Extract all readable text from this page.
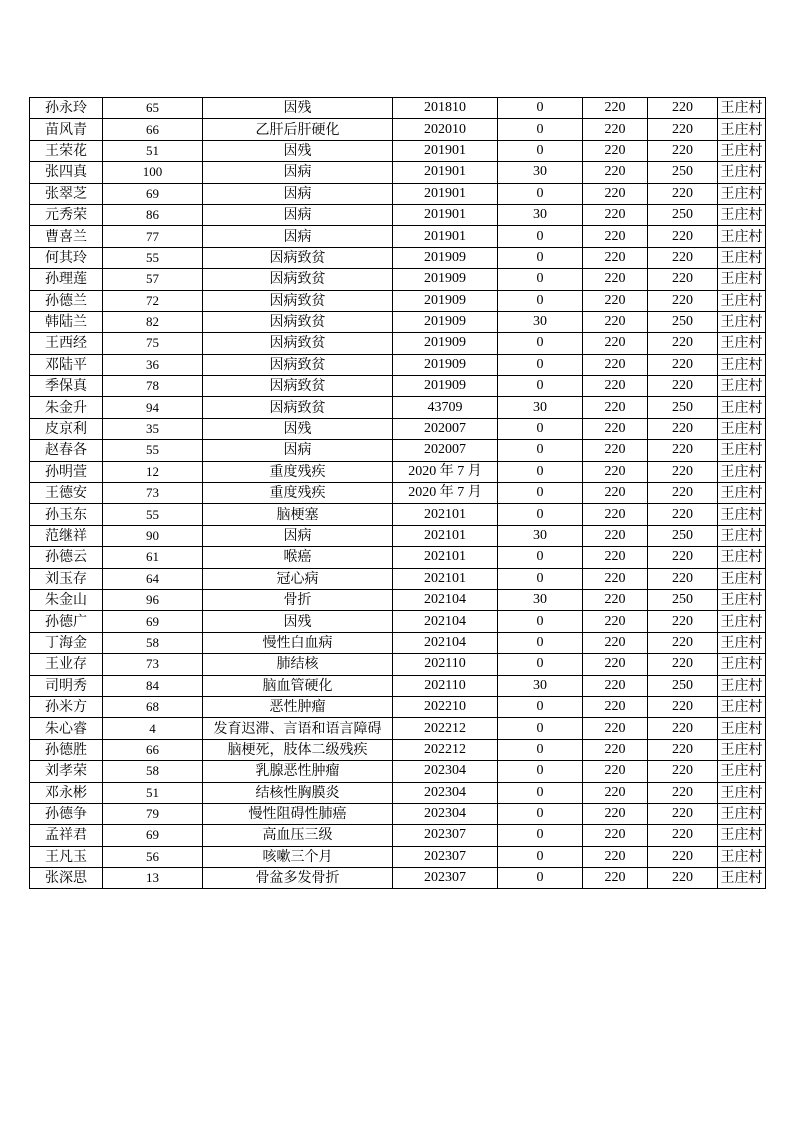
孙永玲	65	因残	201810	0	220	220	王庄村
苗风青	66	乙肝后肝硬化	202010	0	220	220	王庄村
王荣花	51	因残	201901	0	220	220	王庄村
张四真	100	因病	201901	30	220	250	王庄村
张翠芝	69	因病	201901	0	220	220	王庄村
元秀荣	86	因病	201901	30	220	250	王庄村
曹喜兰	77	因病	201901	0	220	220	王庄村
何其玲	55	因病致贫	201909	0	220	220	王庄村
孙理莲	57	因病致贫	201909	0	220	220	王庄村
孙德兰	72	因病致贫	201909	0	220	220	王庄村
韩陆兰	82	因病致贫	201909	30	220	250	王庄村
王西经	75	因病致贫	201909	0	220	220	王庄村
邓陆平	36	因病致贫	201909	0	220	220	王庄村
季保真	78	因病致贫	201909	0	220	220	王庄村
朱金升	94	因病致贫	43709	30	220	250	王庄村
皮京利	35	因残	202007	0	220	220	王庄村
赵春各	55	因病	202007	0	220	220	王庄村
孙明萱	12	重度残疾	2020 年 7 月	0	220	220	王庄村
王德安	73	重度残疾	2020 年 7 月	0	220	220	王庄村
孙玉东	55	脑梗塞	202101	0	220	220	王庄村
范继祥	90	因病	202101	30	220	250	王庄村
孙德云	61	喉癌	202101	0	220	220	王庄村
刘玉存	64	冠心病	202101	0	220	220	王庄村
朱金山	96	骨折	202104	30	220	250	王庄村
孙德广	69	因残	202104	0	220	220	王庄村
丁海金	58	慢性白血病	202104	0	220	220	王庄村
王业存	73	肺结核	202110	0	220	220	王庄村
司明秀	84	脑血管硬化	202110	30	220	250	王庄村
孙米方	68	恶性肿瘤	202210	0	220	220	王庄村
朱心睿	4	发育迟滞、言语和语言障碍	202212	0	220	220	王庄村
孙德胜	66	脑梗死，肢体二级残疾	202212	0	220	220	王庄村
刘孝荣	58	乳腺恶性肿瘤	202304	0	220	220	王庄村
邓永彬	51	结核性胸膜炎	202304	0	220	220	王庄村
孙德争	79	慢性阻碍性肺癌	202304	0	220	220	王庄村
孟祥君	69	高血压三级	202307	0	220	220	王庄村
王凡玉	56	咳嗽三个月	202307	0	220	220	王庄村
张深思	13	骨盆多发骨折	202307	0	220	220	王庄村
